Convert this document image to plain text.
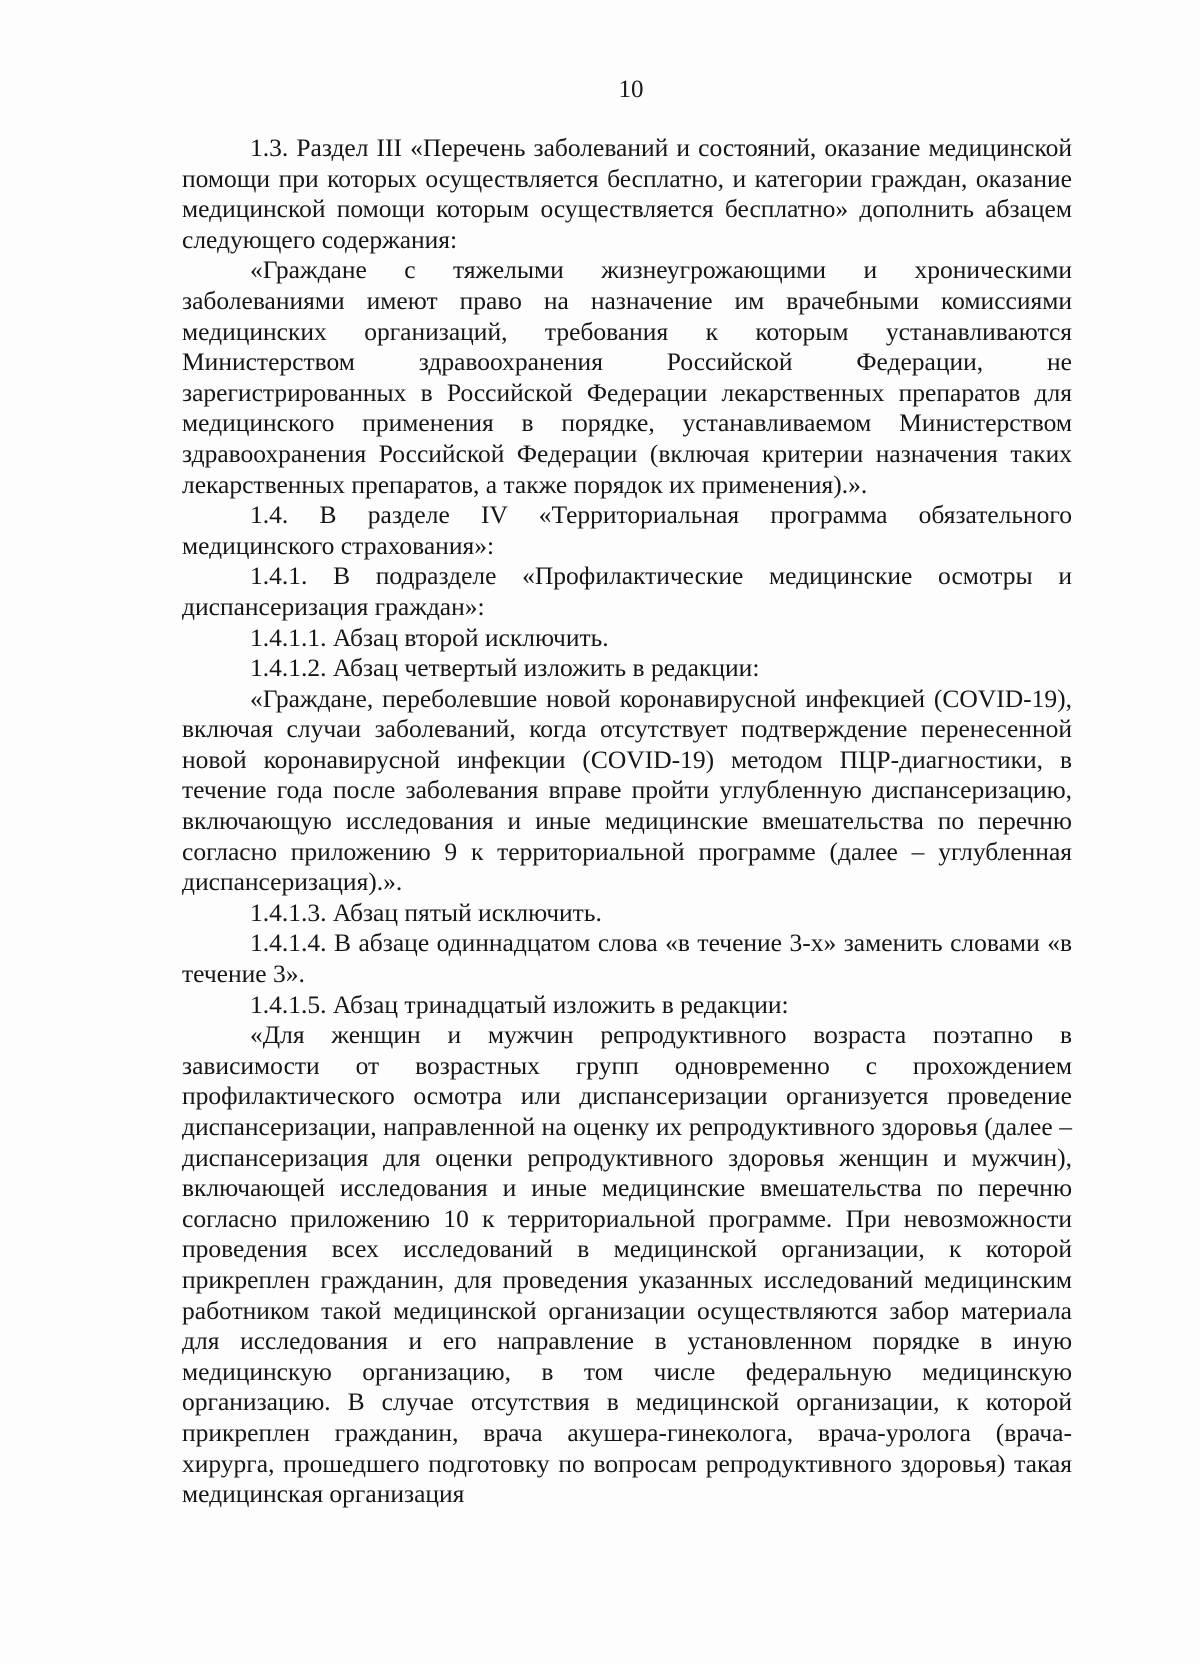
10

1.3. Раздел III «Перечень заболеваний и состояний, оказание медицинской помощи при которых осуществляется бесплатно, и категории граждан, оказание медицинской помощи которым осуществляется бесплатно» дополнить абзацем следующего содержания:

«Граждане с тяжелыми жизнеугрожающими и хроническими заболеваниями имеют право на назначение им врачебными комиссиями медицинских организаций, требования к которым устанавливаются Министерством здравоохранения Российской Федерации, не зарегистрированных в Российской Федерации лекарственных препаратов для медицинского применения в порядке, устанавливаемом Министерством здравоохранения Российской Федерации (включая критерии назначения таких лекарственных препаратов, а также порядок их применения).».

1.4. В разделе IV «Территориальная программа обязательного медицинского страхования»:

1.4.1. В подразделе «Профилактические медицинские осмотры и диспансеризация граждан»:

1.4.1.1. Абзац второй исключить.

1.4.1.2. Абзац четвертый изложить в редакции:

«Граждане, переболевшие новой коронавирусной инфекцией (COVID-19), включая случаи заболеваний, когда отсутствует подтверждение перенесенной новой коронавирусной инфекции (COVID-19) методом ПЦР-диагностики, в течение года после заболевания вправе пройти углубленную диспансеризацию, включающую исследования и иные медицинские вмешательства по перечню согласно приложению 9 к территориальной программе (далее – углубленная диспансеризация).».

1.4.1.3. Абзац пятый исключить.

1.4.1.4. В абзаце одиннадцатом слова «в течение 3-х» заменить словами «в течение 3».

1.4.1.5. Абзац тринадцатый изложить в редакции:

«Для женщин и мужчин репродуктивного возраста поэтапно в зависимости от возрастных групп одновременно с прохождением профилактического осмотра или диспансеризации организуется проведение диспансеризации, направленной на оценку их репродуктивного здоровья (далее – диспансеризация для оценки репродуктивного здоровья женщин и мужчин), включающей исследования и иные медицинские вмешательства по перечню согласно приложению 10 к территориальной программе. При невозможности проведения всех исследований в медицинской организации, к которой прикреплен гражданин, для проведения указанных исследований медицинским работником такой медицинской организации осуществляются забор материала для исследования и его направление в установленном порядке в иную медицинскую организацию, в том числе федеральную медицинскую организацию. В случае отсутствия в медицинской организации, к которой прикреплен гражданин, врача акушера-гинеколога, врача-уролога (врача-хирурга, прошедшего подготовку по вопросам репродуктивного здоровья) такая медицинская организация
